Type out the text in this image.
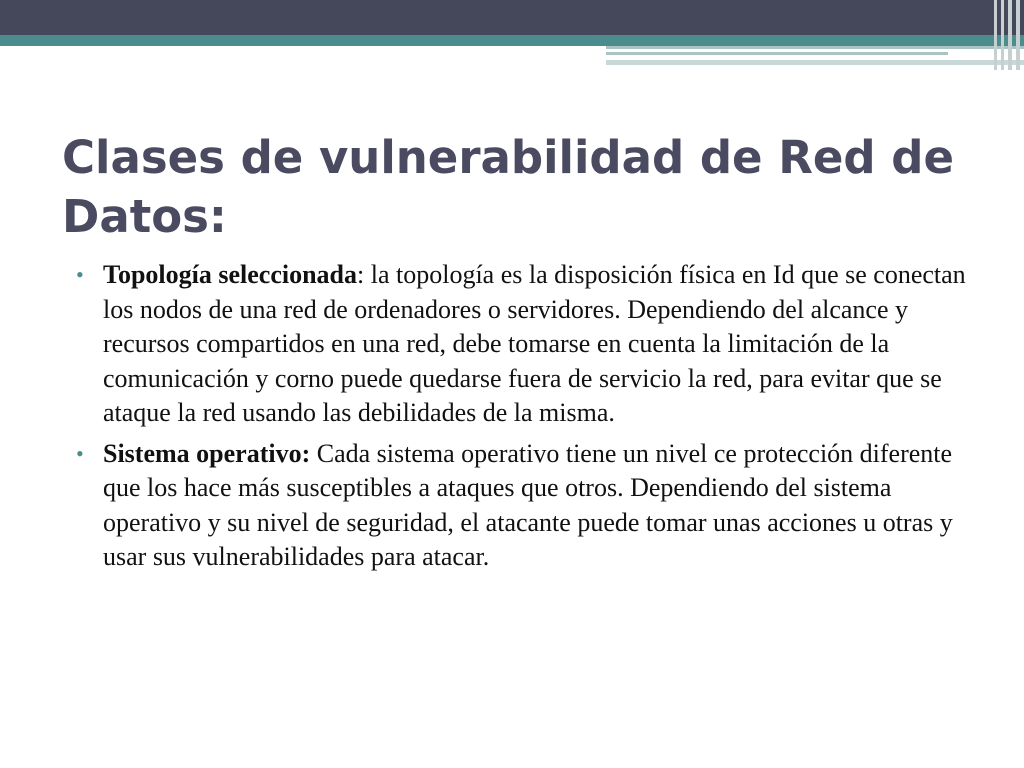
Clases de vulnerabilidad de Red de Datos:
• Topología seleccionada: la topología es la disposición física en Id que se conectan los nodos de una red de ordenadores o servidores. Dependiendo del alcance y recursos compartidos en una red, debe tomarse en cuenta la limitación de la comunicación y corno puede quedarse fuera de servicio la red, para evitar que se ataque la red usando las debilidades de la misma.
• Sistema operativo: Cada sistema operativo tiene un nivel ce protección diferente que los hace más susceptibles a ataques que otros. Dependiendo del sistema operativo y su nivel de seguridad, el atacante puede tomar unas acciones u otras y usar sus vulnerabilidades para atacar.
